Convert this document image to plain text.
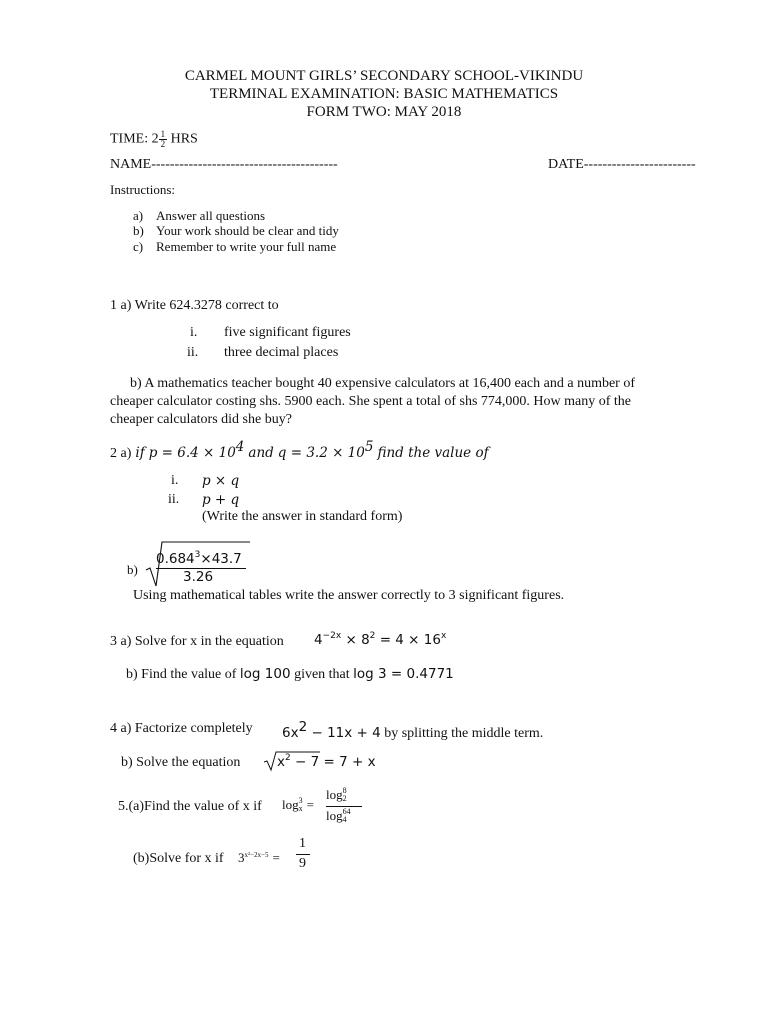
CARMEL MOUNT GIRLS’ SECONDARY SCHOOL-VIKINDU
TERMINAL EXAMINATION: BASIC MATHEMATICS
FORM TWO: MAY 2018
TIME: $2 \frac{1}{2}$ HRS
NAME----------------------------------------	DATE------------------------
Instructions:
a) Answer all questions
b) Your work should be clear and tidy
c) Remember to write your full name
1 a) Write 624.3278 correct to
i. five significant figures
ii. three decimal places
b) A mathematics teacher bought 40 expensive calculators at 16,400 each and a number of
cheaper calculator costing shs. 5900 each. She spent a total of shs 774,000. How many of the
cheaper calculators did she buy?
2 a) if $p = 6.4 \times 10^4$ and $q = 3.2 \times 10^5$ find the value of
i. p × q
ii. p + q
(Write the answer in standard form)
b)
$0.684^3\times 43.7$
3.26
Using mathematical tables write the answer correctly to 3 significant figures.
3 a) Solve for x in the equation $4^{-2x} \times 8^2 = 4 \times 16^x$
b) Find the value of log 100 given that log 3 = 0.4771
4 a) Factorize completely $6x^2 - 11x + 4$ by splitting the middle term.
b) Solve the equation	$x^2 - 7 = 7 + x$
5.(a)Find the value of x if log 3
x =
log 8
2
log 64
4
(b)Solve for x if $3^{x^2-2x-5}$ =
1
9
